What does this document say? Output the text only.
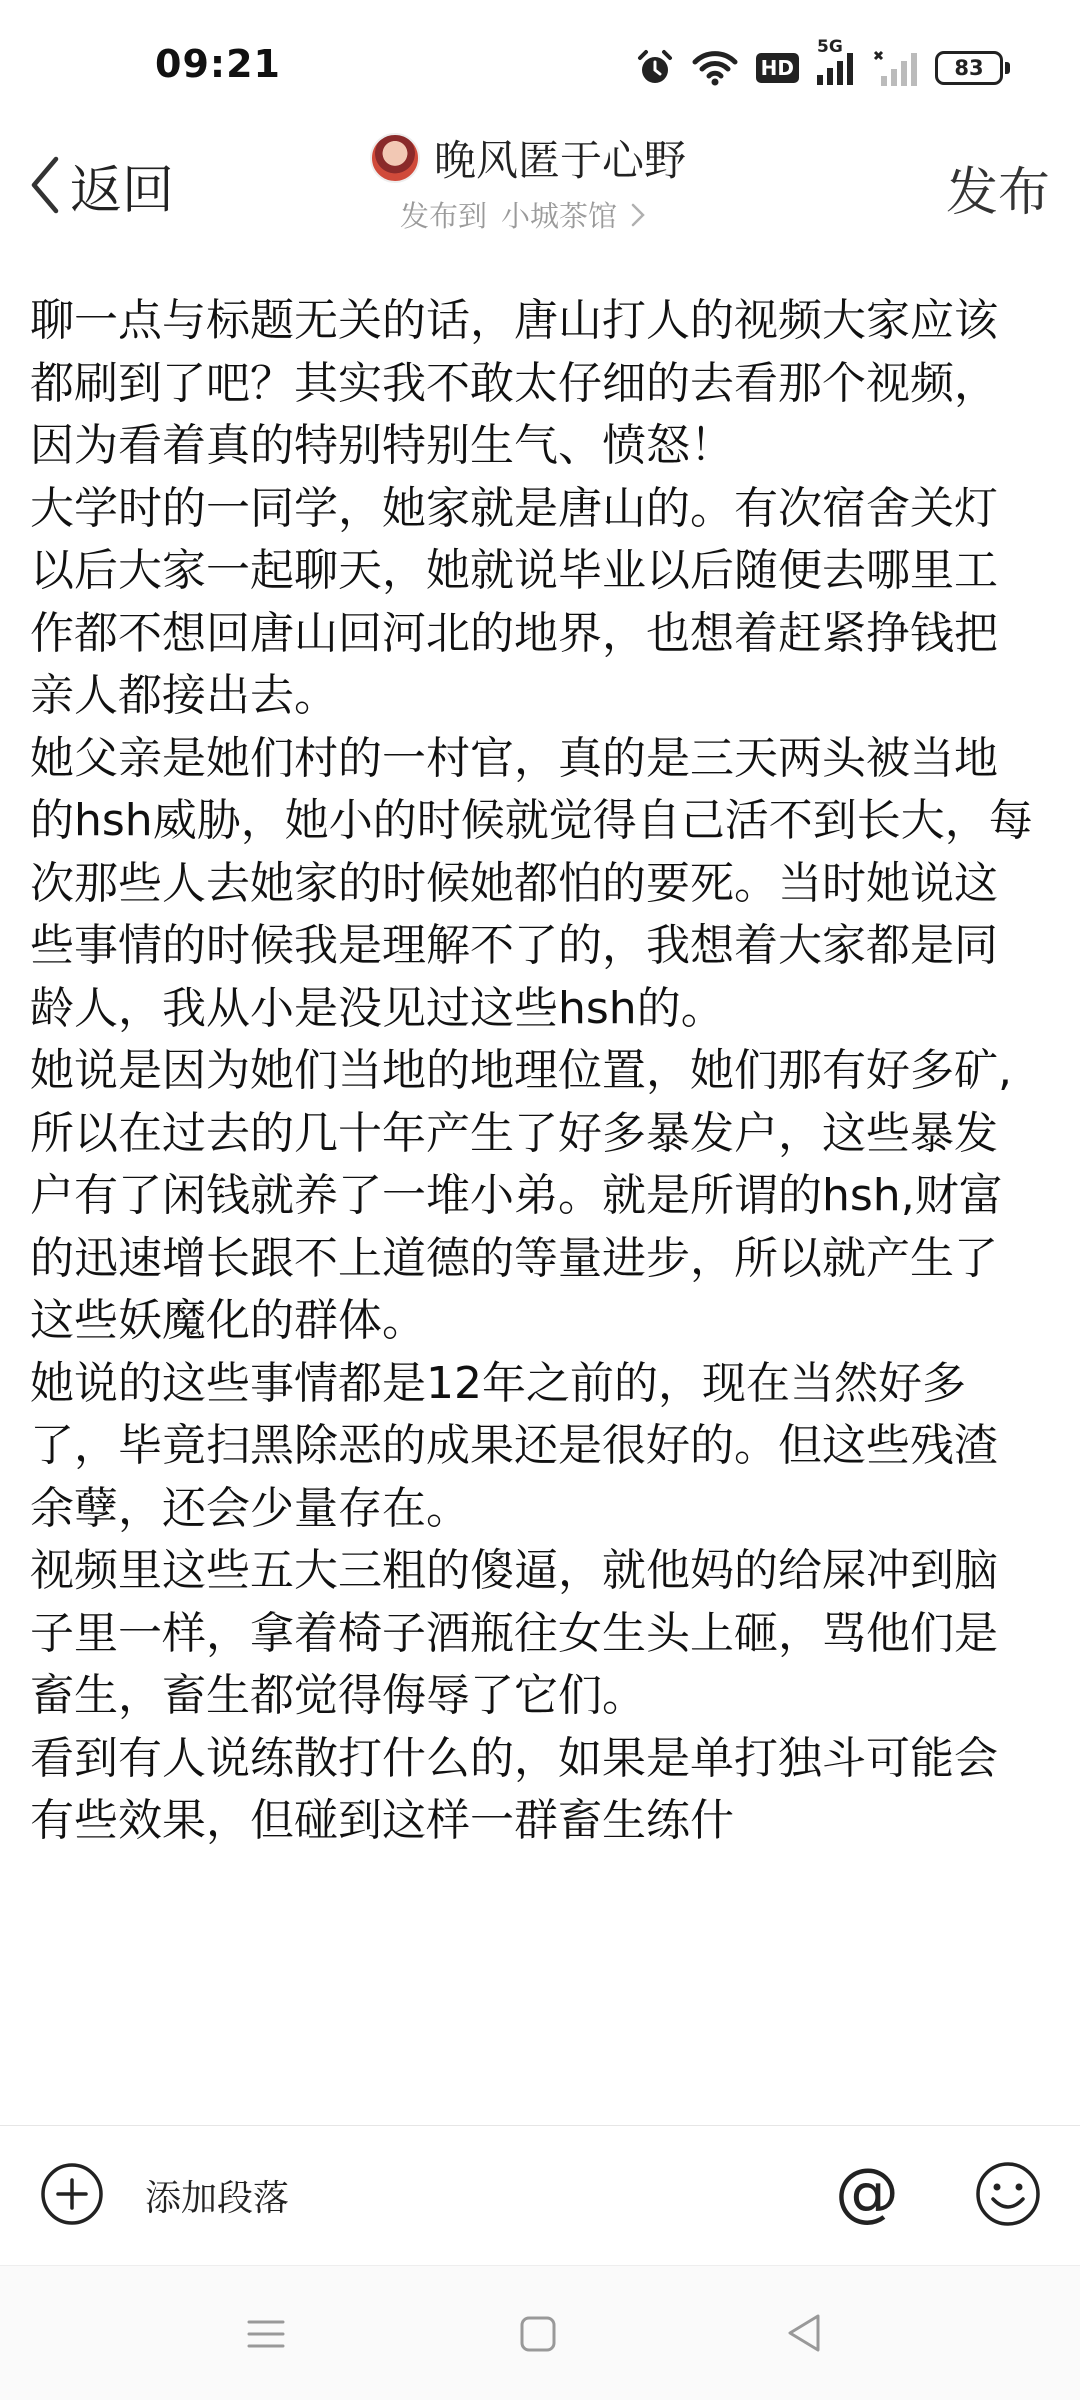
09:21	HD
5G
83
返回	晚风匿于心野
发布到 小城茶馆	发布
聊一点与标题无关的话，唐山打人的视频大家应该都刷到了吧？其实我不敢太仔细的去看那个视频，因为看着真的特别特别生气、愤怒！
大学时的一同学，她家就是唐山的。有次宿舍关灯以后大家一起聊天，她就说毕业以后随便去哪里工作都不想回唐山回河北的地界，也想着赶紧挣钱把亲人都接出去。
她父亲是她们村的一村官，真的是三天两头被当地的hsh威胁，她小的时候就觉得自己活不到长大，每次那些人去她家的时候她都怕的要死。当时她说这些事情的时候我是理解不了的，我想着大家都是同龄人，我从小是没见过这些hsh的。
她说是因为她们当地的地理位置，她们那有好多矿,所以在过去的几十年产生了好多暴发户，这些暴发户有了闲钱就养了一堆小弟。就是所谓的hsh,财富的迅速增长跟不上道德的等量进步，所以就产生了这些妖魔化的群体。
她说的这些事情都是12年之前的，现在当然好多了，毕竟扫黑除恶的成果还是很好的。但这些残渣余孽，还会少量存在。
视频里这些五大三粗的傻逼，就他妈的给屎冲到脑子里一样，拿着椅子酒瓶往女生头上砸，骂他们是畜生，畜生都觉得侮辱了它们。
看到有人说练散打什么的，如果是单打独斗可能会有些效果，但碰到这样一群畜生练什
添加段落	@
